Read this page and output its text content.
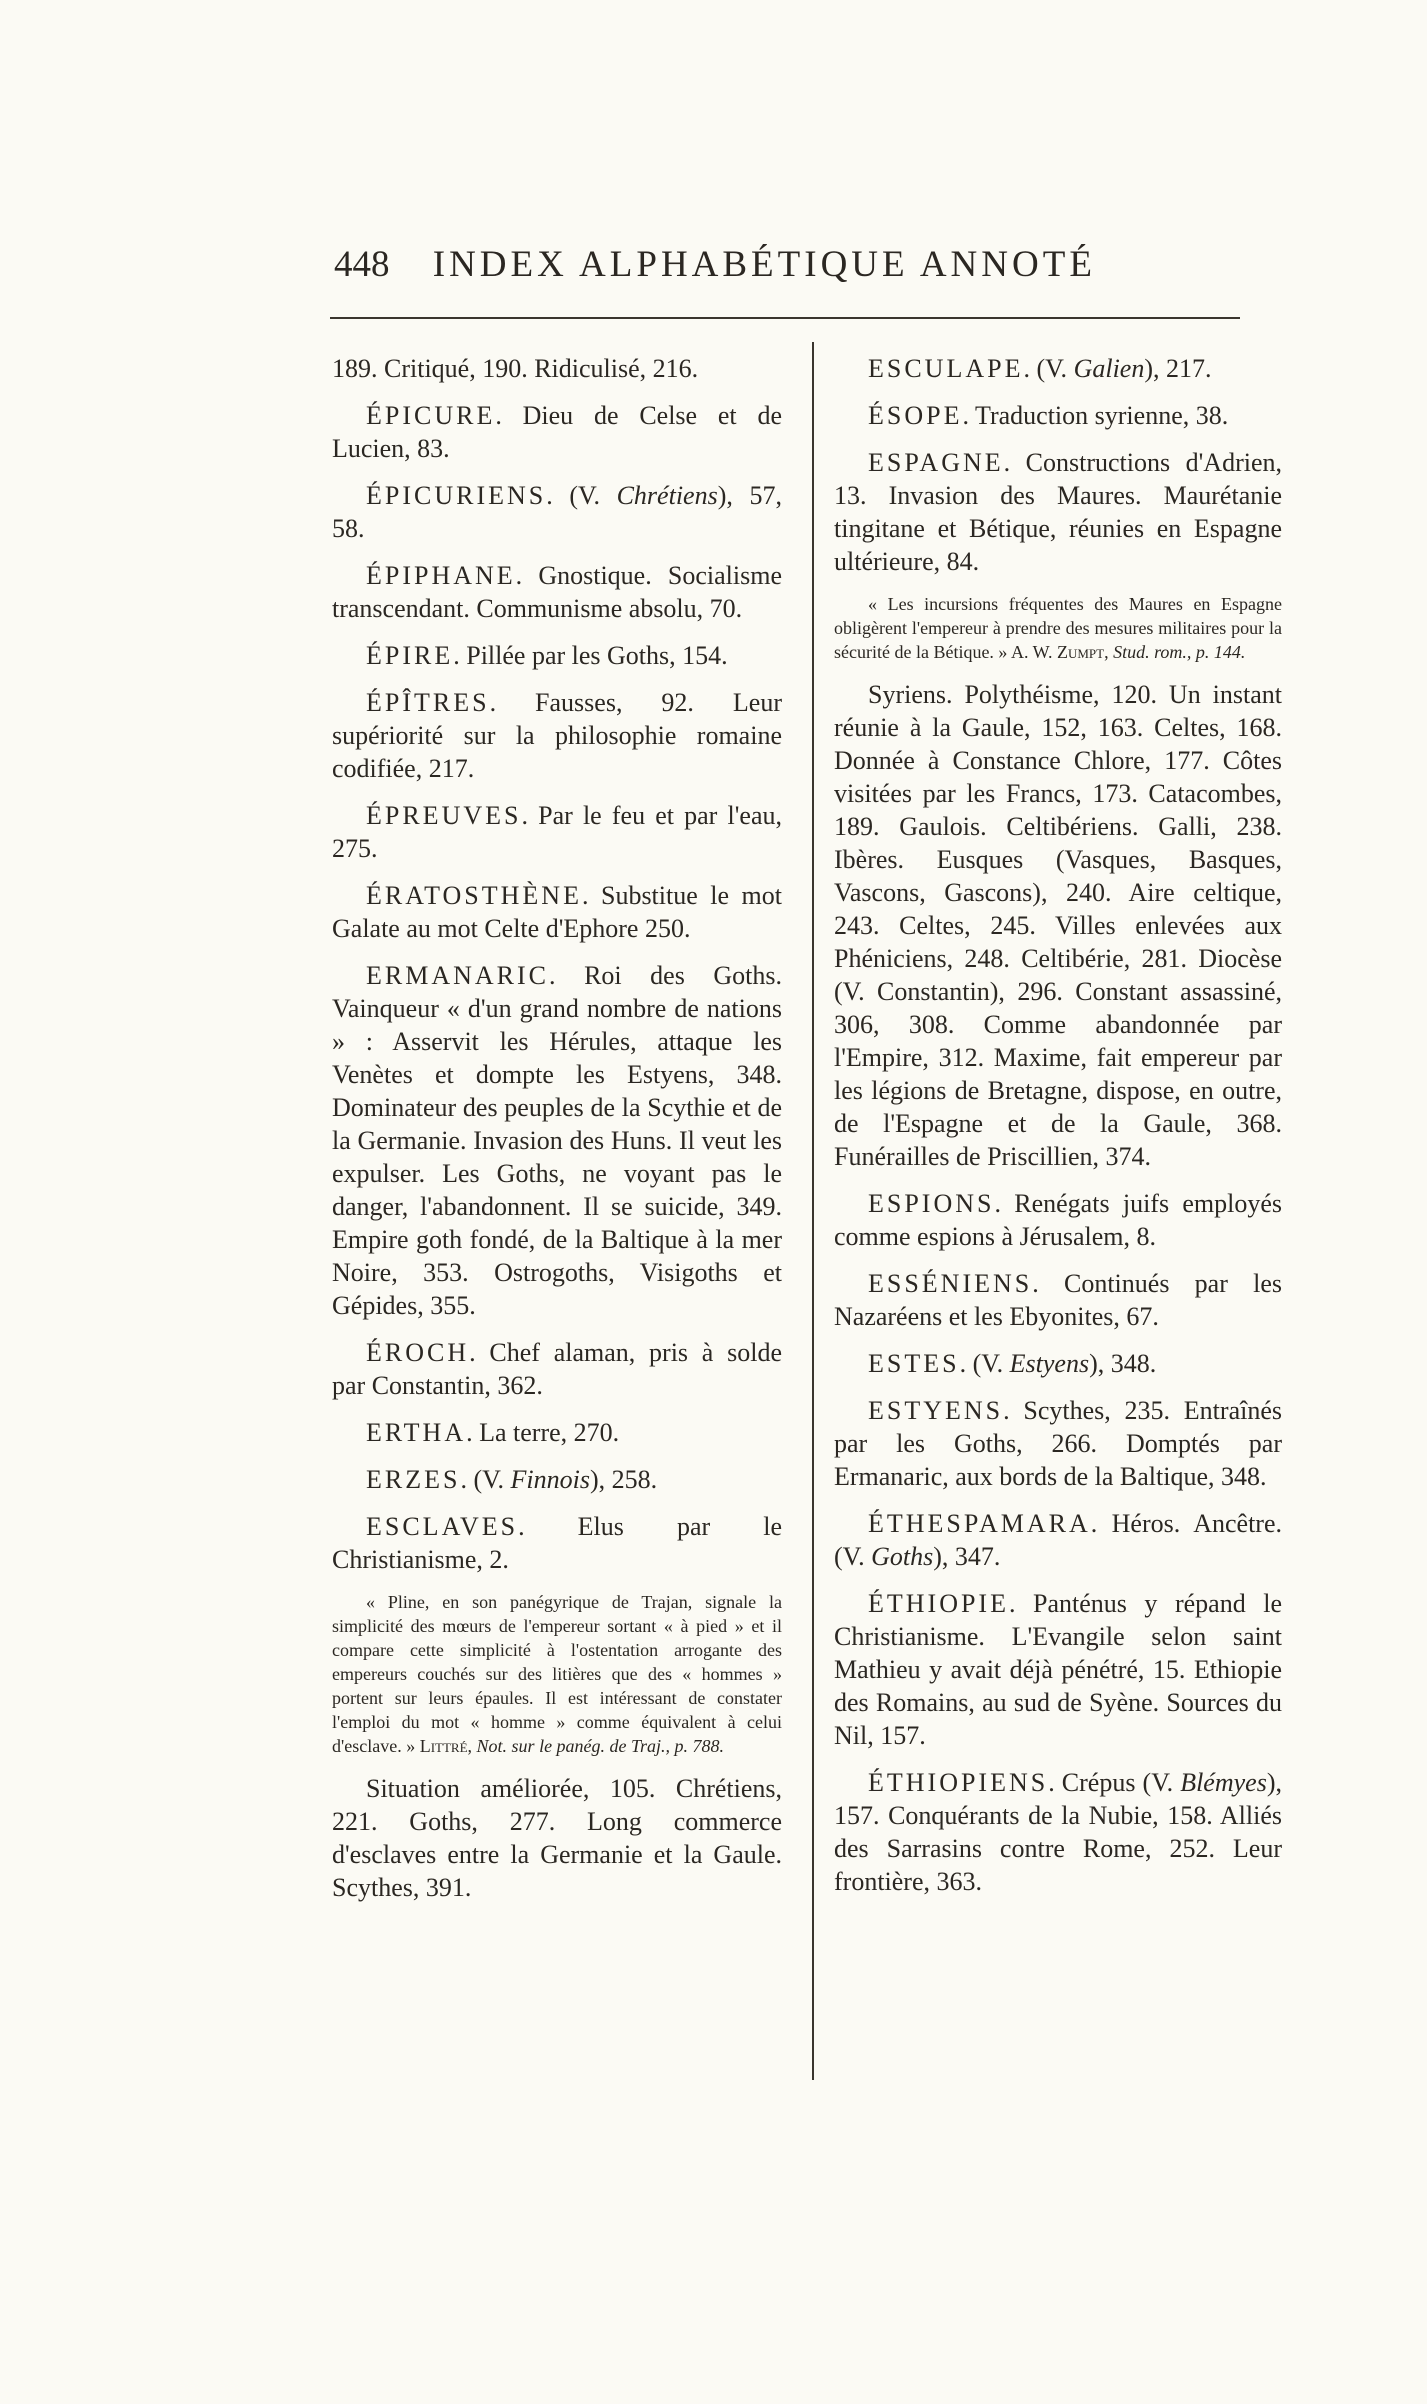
448 INDEX ALPHABÉTIQUE ANNOTÉ
189. Critiqué, 190. Ridiculisé, 216.
ÉPICURE. Dieu de Celse et de Lucien, 83.
ÉPICURIENS. (V. Chrétiens), 57, 58.
ÉPIPHANE. Gnostique. Socialisme transcendant. Communisme absolu, 70.
ÉPIRE. Pillée par les Goths, 154.
ÉPÎTRES. Fausses, 92. Leur supériorité sur la philosophie romaine codifiée, 217.
ÉPREUVES. Par le feu et par l'eau, 275.
ÉRATOSTHÈNE. Substitue le mot Galate au mot Celte d'Ephore 250.
ERMANARIC. Roi des Goths. Vainqueur « d'un grand nombre de nations » : Asservit les Hérules, attaque les Venètes et dompte les Estyens, 348. Dominateur des peuples de la Scythie et de la Germanie. Invasion des Huns. Il veut les expulser. Les Goths, ne voyant pas le danger, l'abandonnent. Il se suicide, 349. Empire goth fondé, de la Baltique à la mer Noire, 353. Ostrogoths, Visigoths et Gépides, 355.
ÉROCH. Chef alaman, pris à solde par Constantin, 362.
ERTHA. La terre, 270.
ERZES. (V. Finnois), 258.
ESCLAVES. Elus par le Christianisme, 2.
« Pline, en son panégyrique de Trajan, signale la simplicité des mœurs de l'empereur sortant « à pied » et il compare cette simplicité à l'ostentation arrogante des empereurs couchés sur des litières que des « hommes » portent sur leurs épaules. Il est intéressant de constater l'emploi du mot « homme » comme équivalent à celui d'esclave. » Littré, Not. sur le panég. de Traj., p. 788.
Situation améliorée, 105. Chrétiens, 221. Goths, 277. Long commerce d'esclaves entre la Germanie et la Gaule. Scythes, 391.
ESCULAPE. (V. Galien), 217.
ÉSOPE. Traduction syrienne, 38.
ESPAGNE. Constructions d'Adrien, 13. Invasion des Maures. Maurétanie tingitane et Bétique, réunies en Espagne ultérieure, 84.
« Les incursions fréquentes des Maures en Espagne obligèrent l'empereur à prendre des mesures militaires pour la sécurité de la Bétique. » A. W. Zumpt, Stud. rom., p. 144.
Syriens. Polythéisme, 120. Un instant réunie à la Gaule, 152, 163. Celtes, 168. Donnée à Constance Chlore, 177. Côtes visitées par les Francs, 173. Catacombes, 189. Gaulois. Celtibériens. Galli, 238. Ibères. Eusques (Vasques, Basques, Vascons, Gascons), 240. Aire celtique, 243. Celtes, 245. Villes enlevées aux Phéniciens, 248. Celtibérie, 281. Diocèse (V. Constantin), 296. Constant assassiné, 306, 308. Comme abandonnée par l'Empire, 312. Maxime, fait empereur par les légions de Bretagne, dispose, en outre, de l'Espagne et de la Gaule, 368. Funérailles de Priscillien, 374.
ESPIONS. Renégats juifs employés comme espions à Jérusalem, 8.
ESSÉNIENS. Continués par les Nazaréens et les Ebyonites, 67.
ESTES. (V. Estyens), 348.
ESTYENS. Scythes, 235. Entraînés par les Goths, 266. Domptés par Ermanaric, aux bords de la Baltique, 348.
ÉTHESPAMARA. Héros. Ancêtre. (V. Goths), 347.
ÉTHIOPIE. Panténus y répand le Christianisme. L'Evangile selon saint Mathieu y avait déjà pénétré, 15. Ethiopie des Romains, au sud de Syène. Sources du Nil, 157.
ÉTHIOPIENS. Crépus (V. Blémyes), 157. Conquérants de la Nubie, 158. Alliés des Sarrasins contre Rome, 252. Leur frontière, 363.
